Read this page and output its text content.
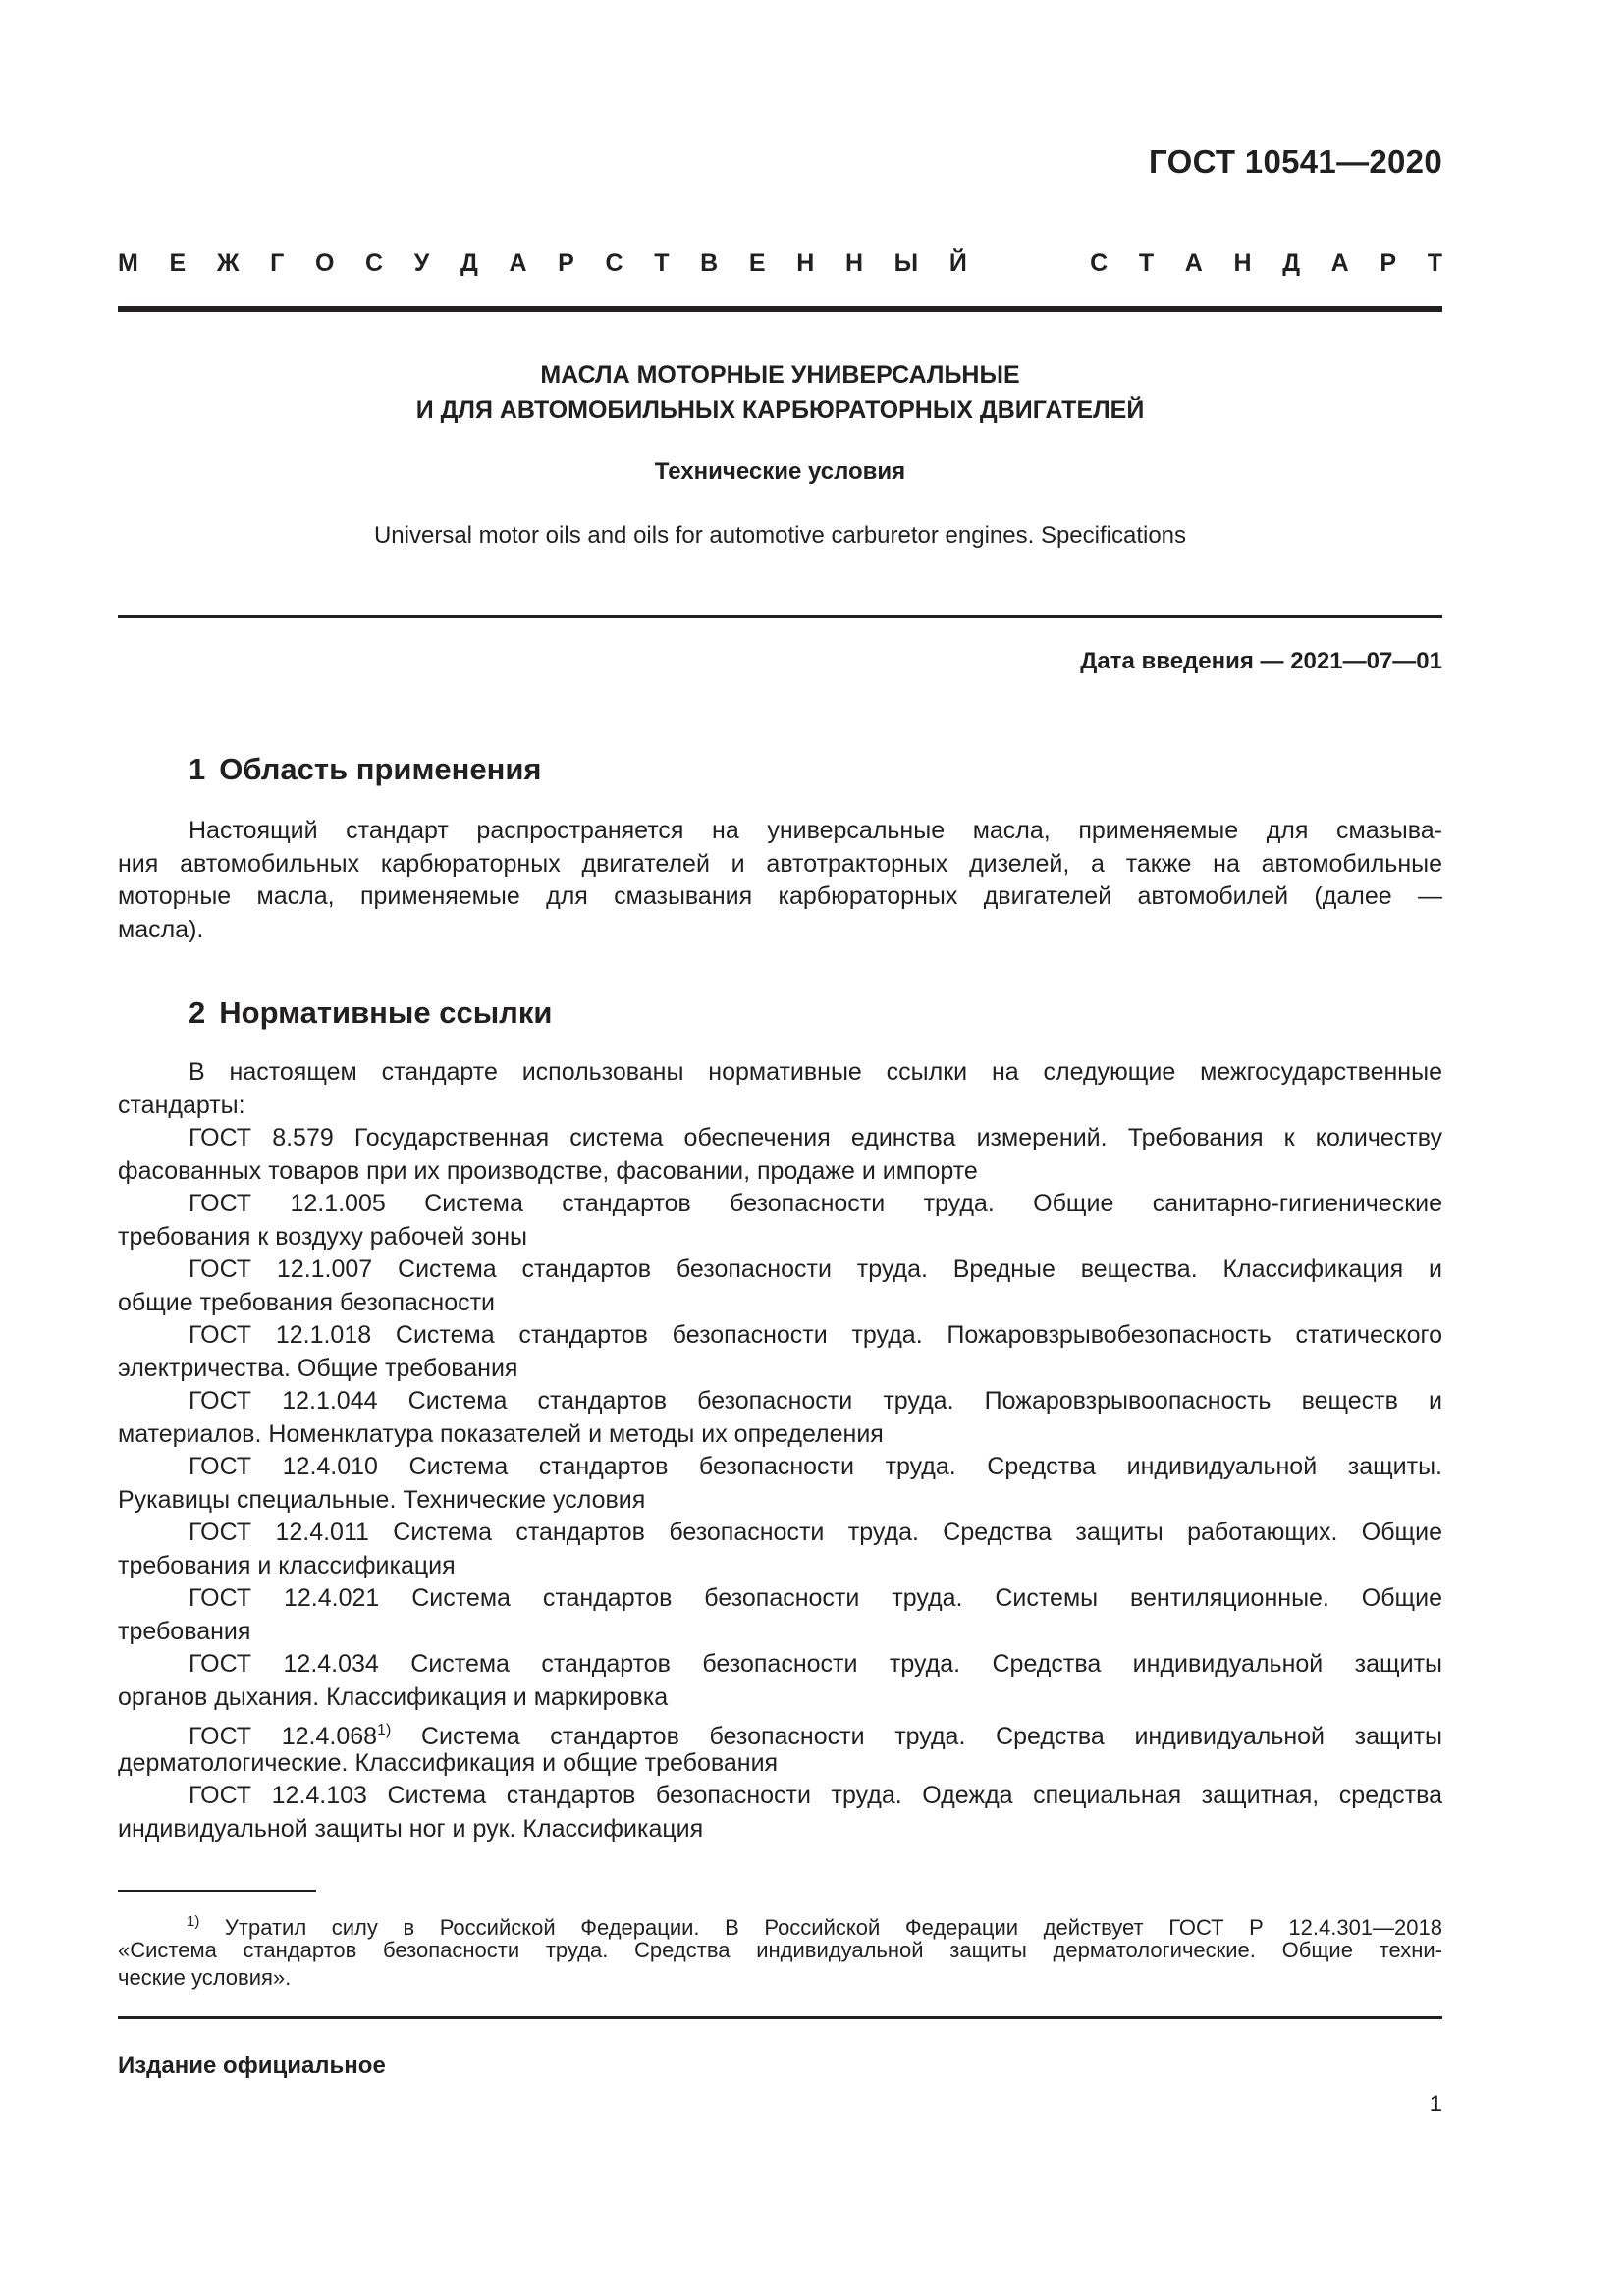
ГОСТ 10541—2020
М Е Ж Г О С У Д А Р С Т В Е Н Н Ы Й	С Т А Н Д А Р Т
МАСЛА МОТОРНЫЕ УНИВЕРСАЛЬНЫЕ
И ДЛЯ АВТОМОБИЛЬНЫХ КАРБЮРАТОРНЫХ ДВИГАТЕЛЕЙ
Технические условия
Universal motor oils and oils for automotive carburetor engines. Specifications
Дата введения — 2021—07—01
1 Область применения
Настоящий стандарт распространяется на универсальные масла, применяемые для смазыва-
ния автомобильных карбюраторных двигателей и автотракторных дизелей, а также на автомобильные
моторные масла, применяемые для смазывания карбюраторных двигателей автомобилей (далее —
масла).
2 Нормативные ссылки
В настоящем стандарте использованы нормативные ссылки на следующие межгосударственные
стандарты:
ГОСТ 8.579 Государственная система обеспечения единства измерений. Требования к количеству
фасованных товаров при их производстве, фасовании, продаже и импорте
ГОСТ 12.1.005 Система стандартов безопасности труда. Общие санитарно-гигиенические
требования к воздуху рабочей зоны
ГОСТ 12.1.007 Система стандартов безопасности труда. Вредные вещества. Классификация и
общие требования безопасности
ГОСТ 12.1.018 Система стандартов безопасности труда. Пожаровзрывобезопасность статического
электричества. Общие требования
ГОСТ 12.1.044 Система стандартов безопасности труда. Пожаровзрывоопасность веществ и
материалов. Номенклатура показателей и методы их определения
ГОСТ 12.4.010 Система стандартов безопасности труда. Средства индивидуальной защиты.
Рукавицы специальные. Технические условия
ГОСТ 12.4.011 Система стандартов безопасности труда. Средства защиты работающих. Общие
требования и классификация
ГОСТ 12.4.021 Система стандартов безопасности труда. Системы вентиляционные. Общие
требования
ГОСТ 12.4.034 Система стандартов безопасности труда. Средства индивидуальной защиты
органов дыхания. Классификация и маркировка
ГОСТ 12.4.068$^{1)}$ Система стандартов безопасности труда. Средства индивидуальной защиты
дерматологические. Классификация и общие требования
ГОСТ 12.4.103 Система стандартов безопасности труда. Одежда специальная защитная, средства
индивидуальной защиты ног и рук. Классификация
$^{1)}$ Утратил силу в Российской Федерации. В Российской Федерации действует ГОСТ Р 12.4.301—2018
«Система стандартов безопасности труда. Средства индивидуальной защиты дерматологические. Общие техни-
ческие условия».
Издание официальное
1
